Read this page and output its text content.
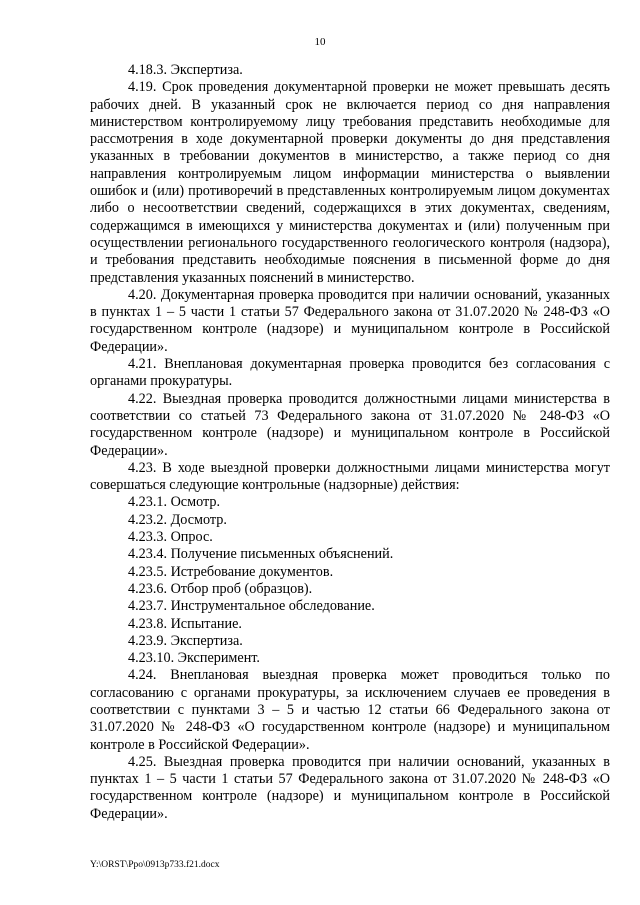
10

4.18.3. Экспертиза.

4.19. Срок проведения документарной проверки не может превышать десять рабочих дней. В указанный срок не включается период со дня направления министерством контролируемому лицу требования представить необходимые для рассмотрения в ходе документарной проверки документы до дня представления указанных в требовании документов в министерство, а также период со дня направления контролируемым лицом информации министерства о выявлении ошибок и (или) противоречий в представленных контролируемым лицом документах либо о несоответствии сведений, содержащихся в этих документах, сведениям, содержащимся в имеющихся у министерства документах и (или) полученным при осуществлении регионального государственного геологического контроля (надзора), и требования представить необходимые пояснения в письменной форме до дня представления указанных пояснений в министерство.

4.20. Документарная проверка проводится при наличии оснований, указанных в пунктах 1 – 5 части 1 статьи 57 Федерального закона от 31.07.2020 № 248-ФЗ «О государственном контроле (надзоре) и муниципальном контроле в Российской Федерации».

4.21. Внеплановая документарная проверка проводится без согласования с органами прокуратуры.

4.22. Выездная проверка проводится должностными лицами министерства в соответствии со статьей 73 Федерального закона от 31.07.2020 № 248-ФЗ «О государственном контроле (надзоре) и муниципальном контроле в Российской Федерации».

4.23. В ходе выездной проверки должностными лицами министерства могут совершаться следующие контрольные (надзорные) действия:

4.23.1. Осмотр.

4.23.2. Досмотр.

4.23.3. Опрос.

4.23.4. Получение письменных объяснений.

4.23.5. Истребование документов.

4.23.6. Отбор проб (образцов).

4.23.7. Инструментальное обследование.

4.23.8. Испытание.

4.23.9. Экспертиза.

4.23.10. Эксперимент.

4.24. Внеплановая выездная проверка может проводиться только по согласованию с органами прокуратуры, за исключением случаев ее проведения в соответствии с пунктами 3 – 5 и частью 12 статьи 66 Федерального закона от 31.07.2020 № 248-ФЗ «О государственном контроле (надзоре) и муниципальном контроле в Российской Федерации».

4.25. Выездная проверка проводится при наличии оснований, указанных в пунктах 1 – 5 части 1 статьи 57 Федерального закона от 31.07.2020 № 248-ФЗ «О государственном контроле (надзоре) и муниципальном контроле в Российской Федерации».

Y:\ORST\Ppo\0913p733.f21.docx
